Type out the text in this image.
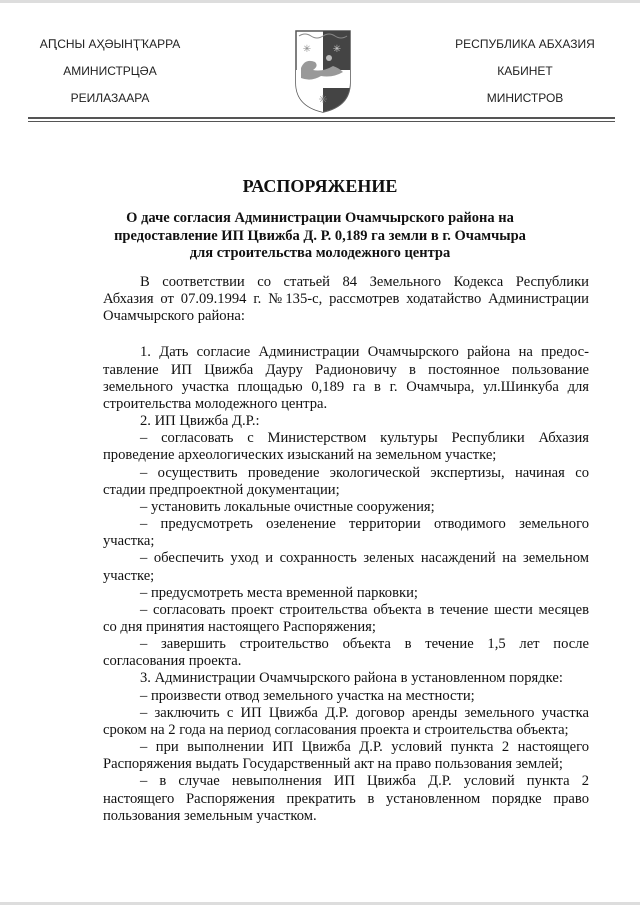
АԤСНЫ АҲӘЫНҬҠАРРА
АМИНИСТРЦӘА
РЕИЛАЗААРА
✳ ✳
✳
РЕСПУБЛИКА АБХАЗИЯ
КАБИНЕТ
МИНИСТРОВ
РАСПОРЯЖЕНИЕ
О даче согласия Администрации Очамчырского района на
предоставление ИП Цвижба Д. Р. 0,189 га земли в г. Очамчыра
для строительства молодежного центра
В соответствии со статьей 84 Земельного Кодекса Республики
Абхазия от 07.09.1994 г. №135-с, рассмотрев ходатайство Администрации
Очамчырского района:
1. Дать согласие Администрации Очамчырского района на предос-
тавление ИП Цвижба Дауру Радионовичу в постоянное пользование
земельного участка площадью 0,189 га в г. Очамчыра, ул.Шинкуба для
строительства молодежного центра.
2. ИП Цвижба Д.Р.:
– согласовать с Министерством культуры Республики Абхазия
проведение археологических изысканий на земельном участке;
– осуществить проведение экологической экспертизы, начиная со
стадии предпроектной документации;
– установить локальные очистные сооружения;
– предусмотреть озеленение территории отводимого земельного
участка;
– обеспечить уход и сохранность зеленых насаждений на земельном
участке;
– предусмотреть места временной парковки;
– согласовать проект строительства объекта в течение шести месяцев
со дня принятия настоящего Распоряжения;
– завершить строительство объекта в течение 1,5 лет после
согласования проекта.
3. Администрации Очамчырского района в установленном порядке:
– произвести отвод земельного участка на местности;
– заключить с ИП Цвижба Д.Р. договор аренды земельного участка
сроком на 2 года на период согласования проекта и строительства объекта;
– при выполнении ИП Цвижба Д.Р. условий пункта 2 настоящего
Распоряжения выдать Государственный акт на право пользования землей;
– в случае невыполнения ИП Цвижба Д.Р. условий пункта 2
настоящего Распоряжения прекратить в установленном порядке право
пользования земельным участком.
